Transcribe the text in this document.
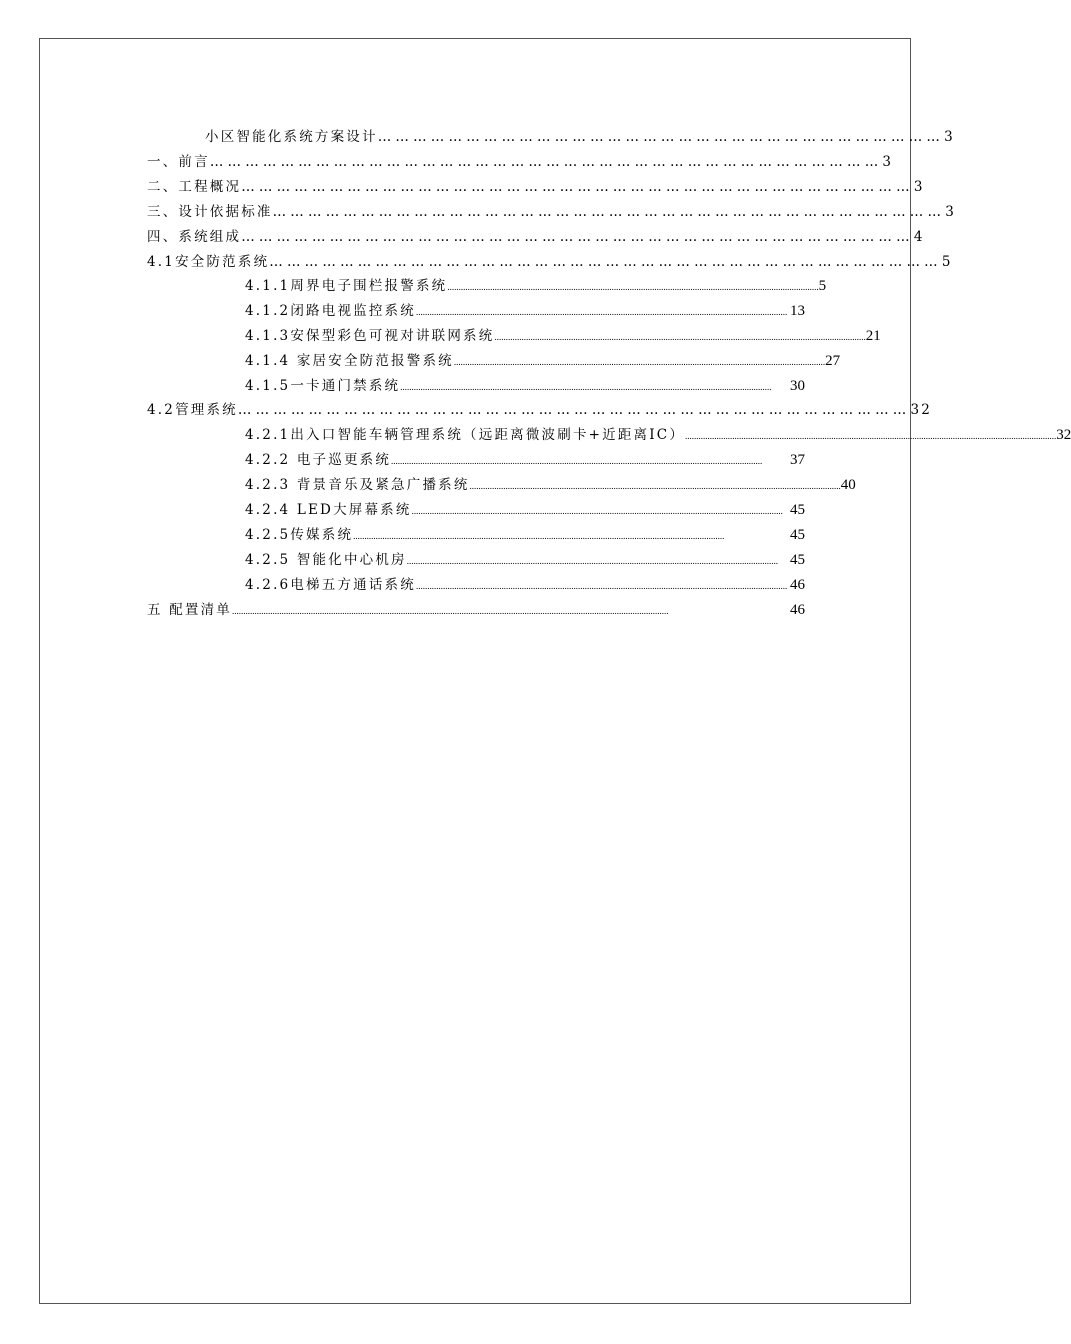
小区智能化系统方案设计 …………………………………………………………………………………… 3
一、前言 …………………………………………………………………………………………………… 3
二、工程概况 …………………………………………………………………………………………………… 3
三、设计依据标准 …………………………………………………………………………………………………… 3
四、系统组成 …………………………………………………………………………………………………… 4
4.1安全防范系统 …………………………………………………………………………………………………… 5
4.1.1周界电子围栏报警系统 ..................................................................................................................................................................... 5
4.1.2闭路电视监控系统 ..................................................................................................................................................................... 13
4.1.3安保型彩色可视对讲联网系统 ..................................................................................................................................................................... 21
4.1.4 家居安全防范报警系统 ..................................................................................................................................................................... 27
4.1.5一卡通门禁系统 .....................................................................................................................................................................	30
4.2管理系统 …………………………………………………………………………………………………… 32
4.2.1出入口智能车辆管理系统（远距离微波刷卡+近距离IC） ..................................................................................................................................................................... 32
4.2.2 电子巡更系统 .....................................................................................................................................................................	37
4.2.3 背景音乐及紧急广播系统 ..................................................................................................................................................................... 40
4.2.4 LED大屏幕系统 ..................................................................................................................................................................... 45
4.2.5传媒系统 .....................................................................................................................................................................	45
4.2.5 智能化中心机房 ..................................................................................................................................................................... 45
4.2.6电梯五方通话系统 ..................................................................................................................................................................... 46
五 配置清单 ..................................................................................................................................................................................................	46
